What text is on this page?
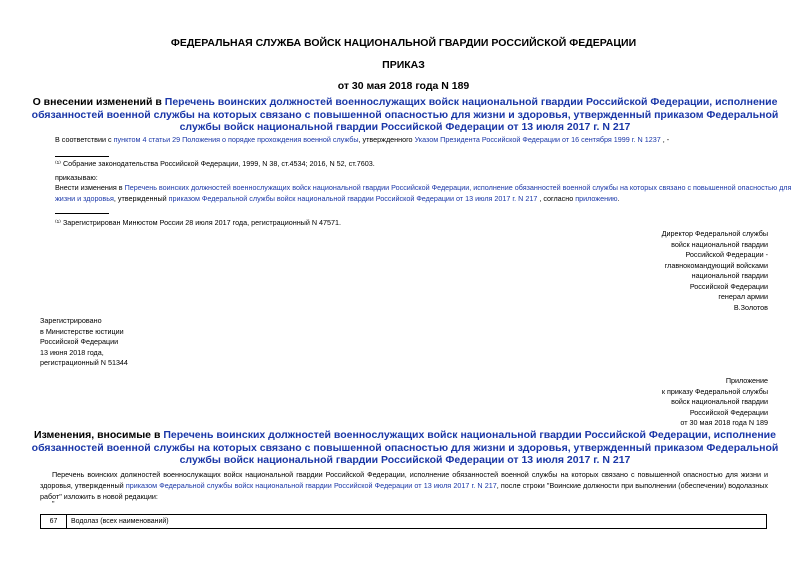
ФЕДЕРАЛЬНАЯ СЛУЖБА ВОЙСК НАЦИОНАЛЬНОЙ ГВАРДИИ РОССИЙСКОЙ ФЕДЕРАЦИИ
ПРИКАЗ
от 30 мая 2018 года N 189
О внесении изменений в Перечень воинских должностей военнослужащих войск национальной гвардии Российской Федерации, исполнение обязанностей военной службы на которых связано с повышенной опасностью для жизни и здоровья, утвержденный приказом Федеральной службы войск национальной гвардии Российской Федерации от 13 июля 2017 г. N 217
В соответствии с пунктом 4 статьи 29 Положения о порядке прохождения военной службы, утвержденного Указом Президента Российской Федерации от 16 сентября 1999 г. N 1237 , -
⁽¹⁾ Собрание законодательства Российской Федерации, 1999, N 38, ст.4534; 2016, N 52, ст.7603.
приказываю:
Внести изменения в Перечень воинских должностей военнослужащих войск национальной гвардии Российской Федерации, исполнение обязанностей военной службы на которых связано с повышенной опасностью для жизни и здоровья, утвержденный приказом Федеральной службы войск национальной гвардии Российской Федерации от 13 июля 2017 г. N 217 , согласно приложению.
⁽¹⁾ Зарегистрирован Минюстом России 28 июля 2017 года, регистрационный N 47571.
Директор Федеральной службы
войск национальной гвардии
Российской Федерации -
главнокомандующий войсками
национальной гвардии
Российской Федерации
генерал армии
В.Золотов
Зарегистрировано
в Министерстве юстиции
Российской Федерации
13 июня 2018 года,
регистрационный N 51344
Приложение
к приказу Федеральной службы
войск национальной гвардии
Российской Федерации
от 30 мая 2018 года N 189
Изменения, вносимые в Перечень воинских должностей военнослужащих войск национальной гвардии Российской Федерации, исполнение обязанностей военной службы на которых связано с повышенной опасностью для жизни и здоровья, утвержденный приказом Федеральной службы войск национальной гвардии Российской Федерации от 13 июля 2017 г. N 217
Перечень воинских должностей военнослужащих войск национальной гвардии Российской Федерации, исполнение обязанностей военной службы на которых связано с повышенной опасностью для жизни и здоровья, утвержденный приказом Федеральной службы войск национальной гвардии Российской Федерации от 13 июля 2017 г. N 217, после строки "Воинские должности при выполнении (обеспечении) водолазных работ" изложить в новой редакции:
"
67	Водолаз (всех наименований)
